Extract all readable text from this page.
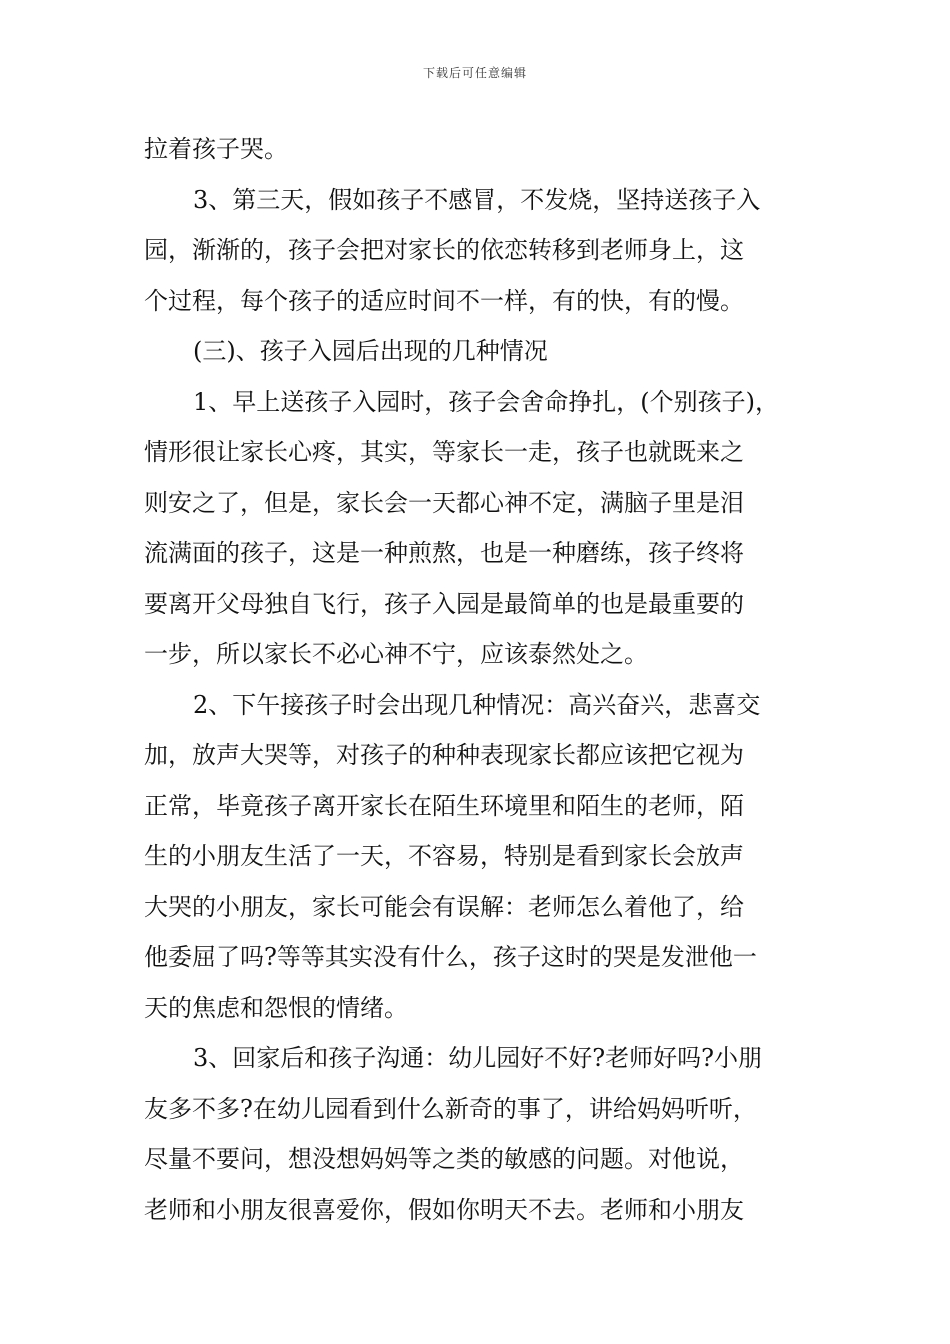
下载后可任意编辑
拉着孩子哭。
3、第三天，假如孩子不感冒，不发烧，坚持送孩子入
园，渐渐的，孩子会把对家长的依恋转移到老师身上，这
个过程，每个孩子的适应时间不一样，有的快，有的慢。
(三)、孩子入园后出现的几种情况
1、早上送孩子入园时，孩子会舍命挣扎，(个别孩子)，
情形很让家长心疼，其实，等家长一走，孩子也就既来之
则安之了，但是，家长会一天都心神不定，满脑子里是泪
流满面的孩子，这是一种煎熬，也是一种磨练，孩子终将
要离开父母独自飞行，孩子入园是最简单的也是最重要的
一步，所以家长不必心神不宁，应该泰然处之。
2、下午接孩子时会出现几种情况：高兴奋兴，悲喜交
加，放声大哭等，对孩子的种种表现家长都应该把它视为
正常，毕竟孩子离开家长在陌生环境里和陌生的老师，陌
生的小朋友生活了一天，不容易，特别是看到家长会放声
大哭的小朋友，家长可能会有误解：老师怎么着他了，给
他委屈了吗?等等其实没有什么，孩子这时的哭是发泄他一
天的焦虑和怨恨的情绪。
3、回家后和孩子沟通：幼儿园好不好?老师好吗?小朋
友多不多?在幼儿园看到什么新奇的事了，讲给妈妈听听，
尽量不要问，想没想妈妈等之类的敏感的问题。对他说，
老师和小朋友很喜爱你，假如你明天不去。老师和小朋友
